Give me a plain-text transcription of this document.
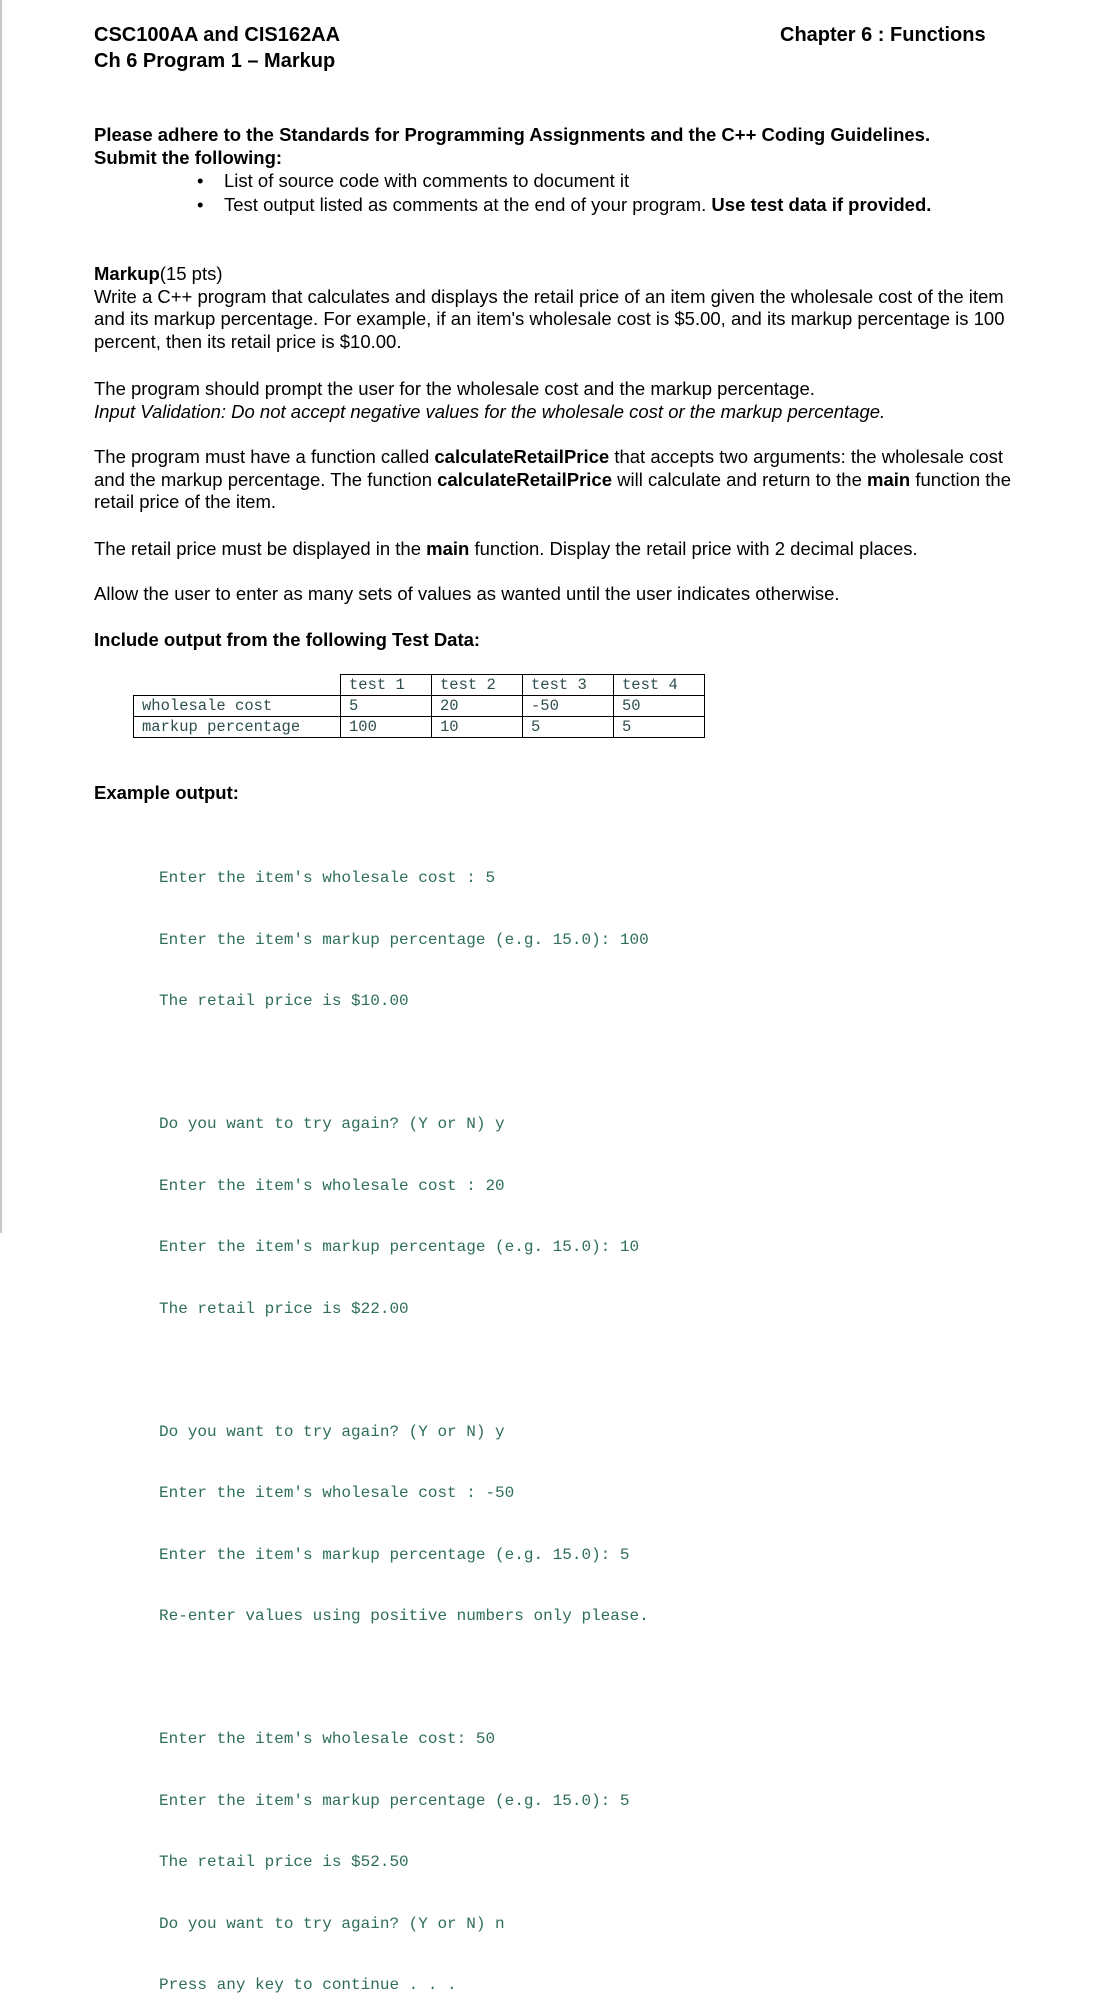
CSC100AA and CIS162AA
Ch 6 Program 1 – Markup
Chapter 6 : Functions
Please adhere to the Standards for Programming Assignments and the C++ Coding Guidelines.
Submit the following:
• List of source code with comments to document it
• Test output listed as comments at the end of your program. Use test data if provided.
Markup(15 pts)
Write a C++ program that calculates and displays the retail price of an item given the wholesale cost of the item and its markup percentage. For example, if an item's wholesale cost is $5.00, and its markup percentage is 100 percent, then its retail price is $10.00.
The program should prompt the user for the wholesale cost and the markup percentage.
Input Validation: Do not accept negative values for the wholesale cost or the markup percentage.
The program must have a function called calculateRetailPrice that accepts two arguments: the wholesale cost and the markup percentage. The function calculateRetailPrice will calculate and return to the main function the retail price of the item.
The retail price must be displayed in the main function. Display the retail price with 2 decimal places.
Allow the user to enter as many sets of values as wanted until the user indicates otherwise.
Include output from the following Test Data:
	test 1	test 2	test 3	test 4
wholesale cost	5	20	-50	50
markup percentage	100	10	5	5
Example output:

Enter the item's wholesale cost : 5

Enter the item's markup percentage (e.g. 15.0): 100

The retail price is $10.00

Do you want to try again? (Y or N) y

Enter the item's wholesale cost : 20

Enter the item's markup percentage (e.g. 15.0): 10

The retail price is $22.00

Do you want to try again? (Y or N) y

Enter the item's wholesale cost : -50

Enter the item's markup percentage (e.g. 15.0): 5

Re-enter values using positive numbers only please.

Enter the item's wholesale cost: 50

Enter the item's markup percentage (e.g. 15.0): 5

The retail price is $52.50

Do you want to try again? (Y or N) n

Press any key to continue . . .
